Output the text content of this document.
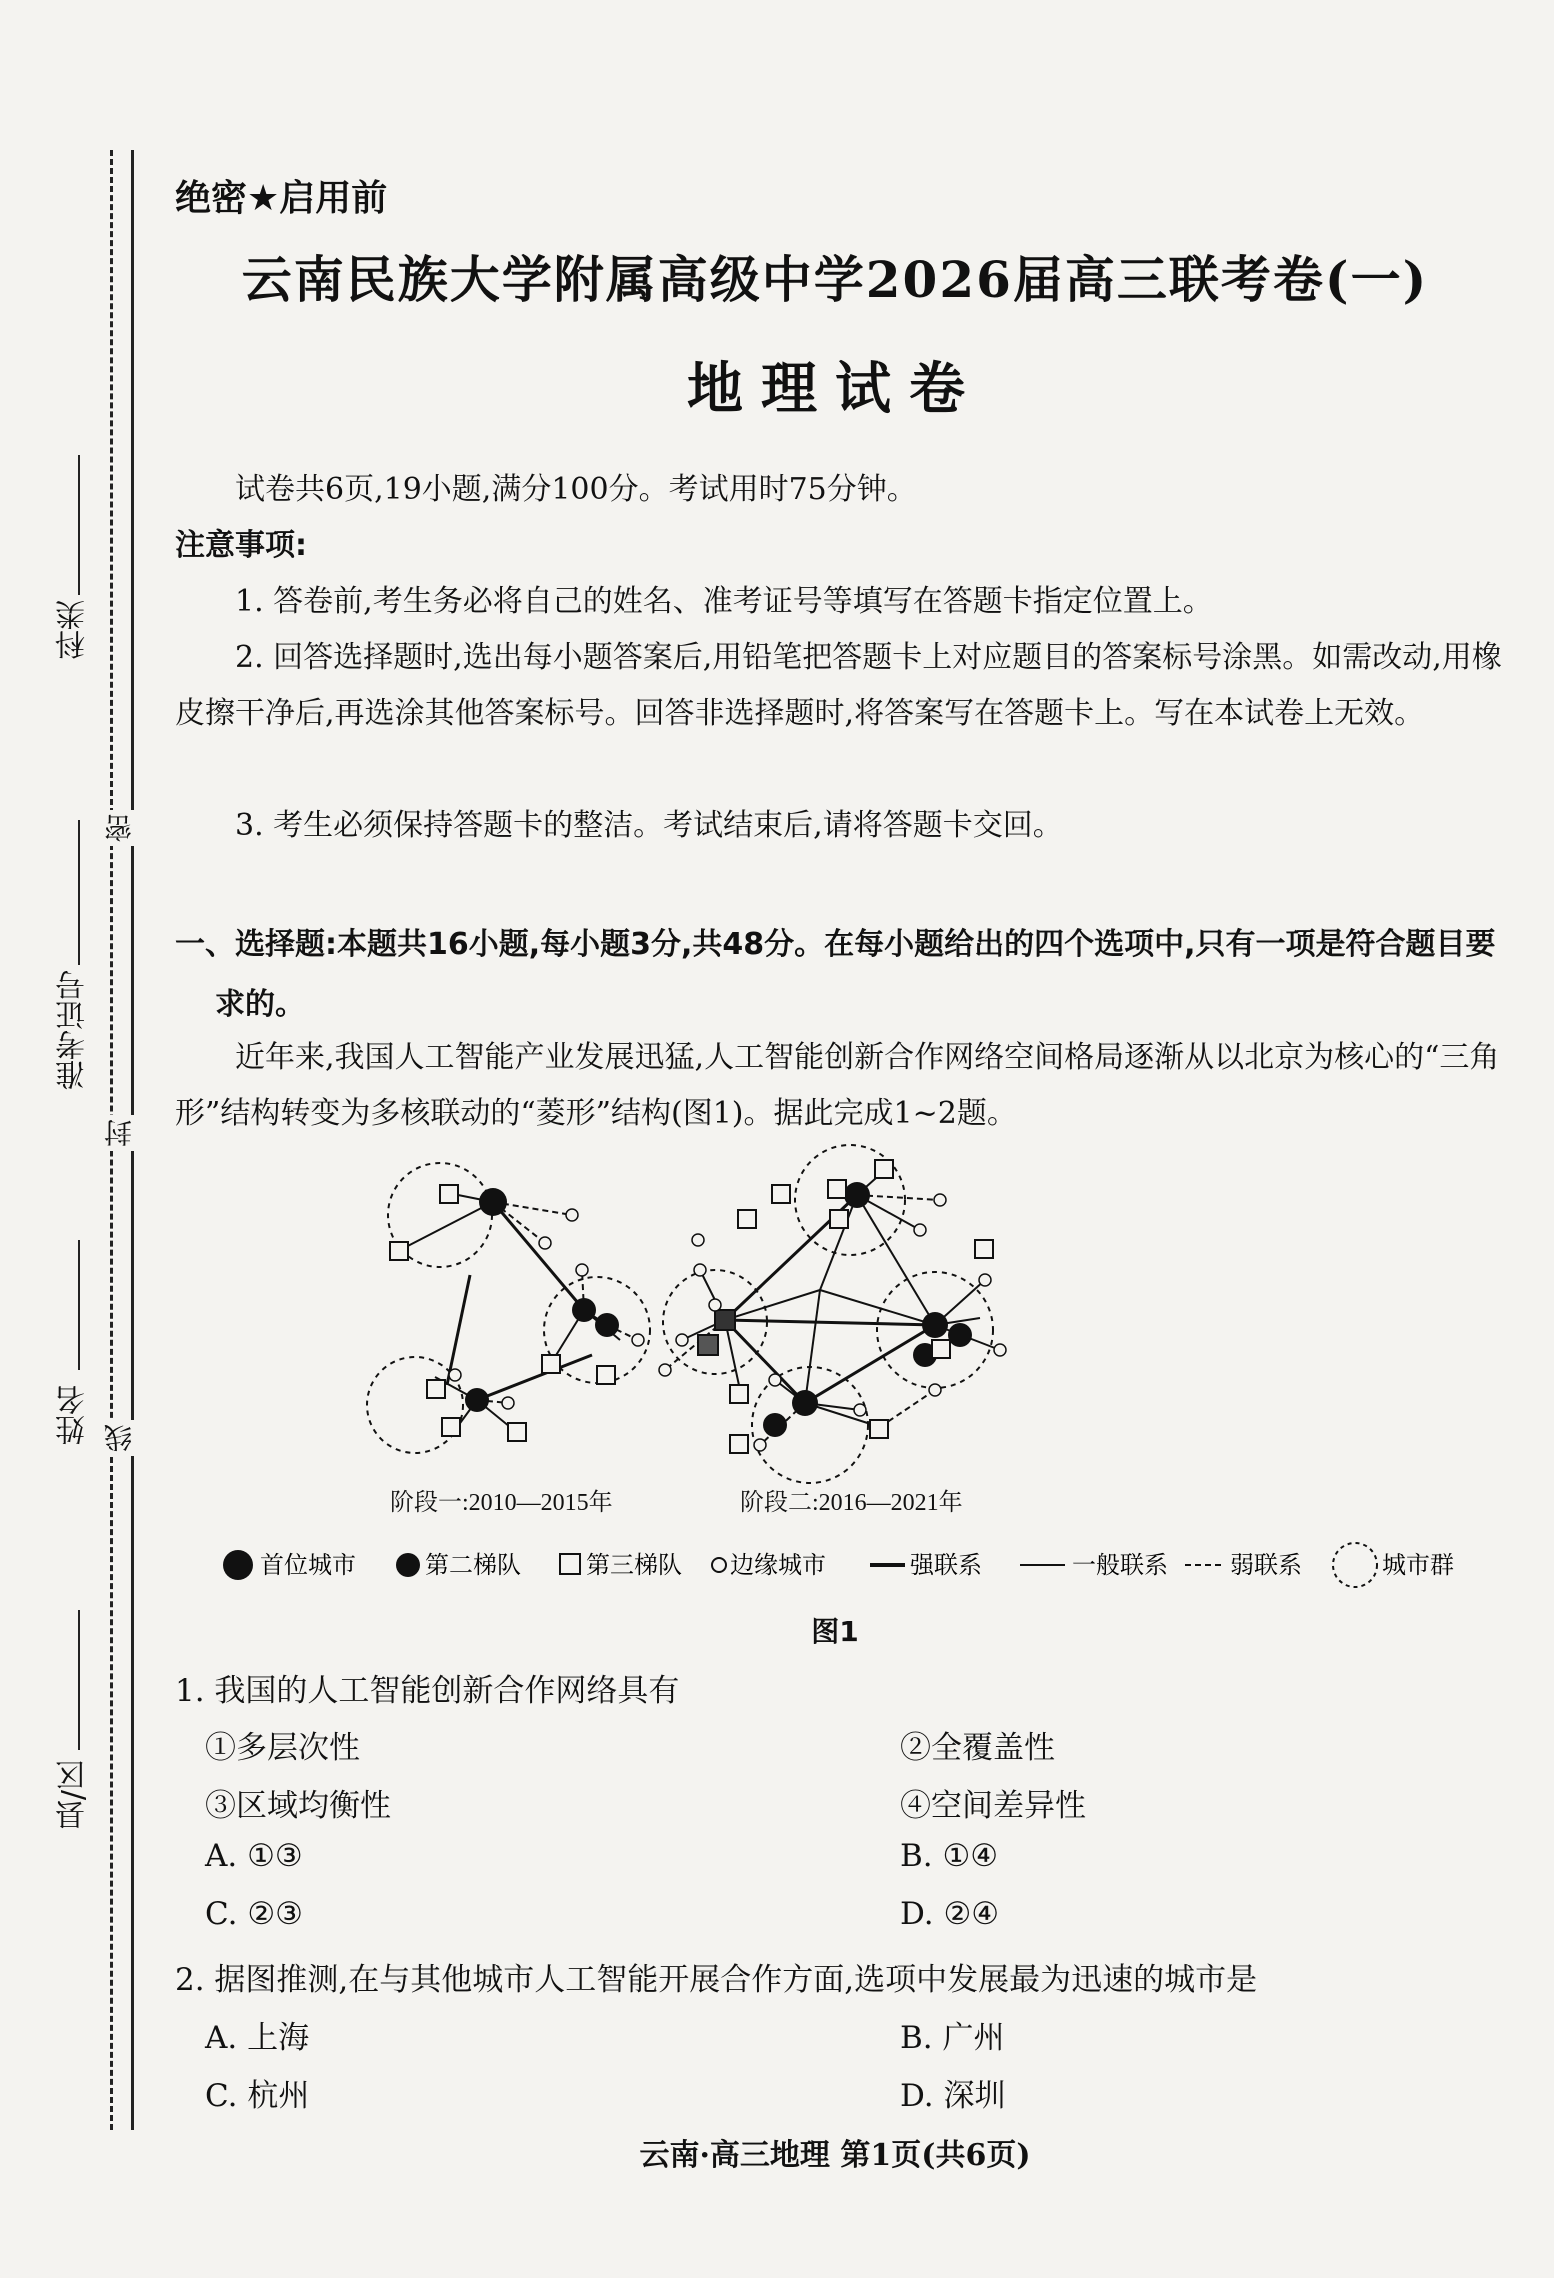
科类
准考证号
姓名
县/区
密
封
线
绝密★启用前
云南民族大学附属高级中学2026届高三联考卷(一)
地理试卷
试卷共6页,19小题,满分100分。考试用时75分钟。
注意事项:
1. 答卷前,考生务必将自己的姓名、准考证号等填写在答题卡指定位置上。
2. 回答选择题时,选出每小题答案后,用铅笔把答题卡上对应题目的答案标号涂黑。如需改动,用橡皮擦干净后,再选涂其他答案标号。回答非选择题时,将答案写在答题卡上。写在本试卷上无效。
3. 考生必须保持答题卡的整洁。考试结束后,请将答题卡交回。
一、选择题:本题共16小题,每小题3分,共48分。在每小题给出的四个选项中,只有一项是符合题目要求的。
近年来,我国人工智能产业发展迅猛,人工智能创新合作网络空间格局逐渐从以北京为核心的“三角形”结构转变为多核联动的“菱形”结构(图1)。据此完成1~2题。
阶段一:2010—2015年	阶段二:2016—2021年
首位城市	第二梯队	第三梯队 边缘城市	强联系	一般联系	弱联系	城市群
图1
1. 我国的人工智能创新合作网络具有
①多层次性	②全覆盖性
③区域均衡性	④空间差异性
A. ①③	B. ①④
C. ②③	D. ②④
2. 据图推测,在与其他城市人工智能开展合作方面,选项中发展最为迅速的城市是
A. 上海	B. 广州
C. 杭州	D. 深圳
云南·高三地理 第1页(共6页)
